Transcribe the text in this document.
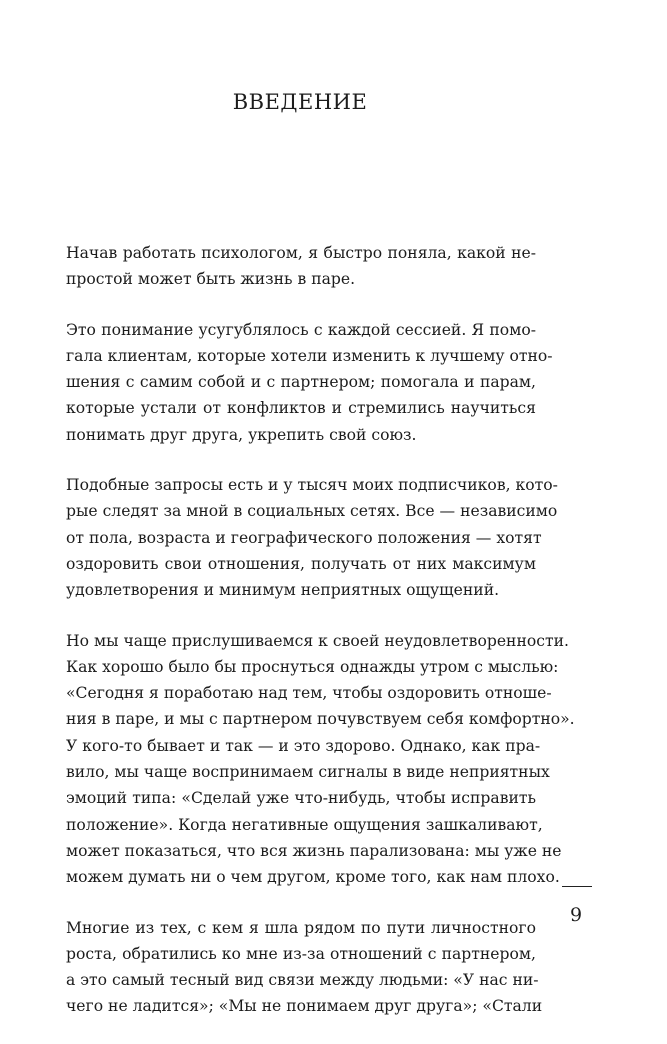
ВВЕДЕНИЕ

Начав работать психологом, я быстро поняла, какой не-
простой может быть жизнь в паре.

Это понимание усугублялось с каждой сессией. Я помо-
гала клиентам, которые хотели изменить к лучшему отно-
шения с самим собой и с партнером; помогала и парам,
которые устали от конфликтов и стремились научиться
понимать друг друга, укрепить свой союз.

Подобные запросы есть и у тысяч моих подписчиков, кото-
рые следят за мной в социальных сетях. Все — независимо
от пола, возраста и географического положения — хотят
оздоровить свои отношения, получать от них максимум
удовлетворения и минимум неприятных ощущений.

Но мы чаще прислушиваемся к своей неудовлетворенности.
Как хорошо было бы проснуться однажды утром с мыслью:
«Сегодня я поработаю над тем, чтобы оздоровить отноше-
ния в паре, и мы с партнером почувствуем себя комфортно».
У кого-то бывает и так — и это здорово. Однако, как пра-
вило, мы чаще воспринимаем сигналы в виде неприятных
эмоций типа: «Сделай уже что-нибудь, чтобы исправить
положение». Когда негативные ощущения зашкаливают,
может показаться, что вся жизнь парализована: мы уже не
можем думать ни о чем другом, кроме того, как нам плохо.

Многие из тех, с кем я шла рядом по пути личностного
роста, обратились ко мне из-за отношений с партнером,
а это самый тесный вид связи между людьми: «У нас ни-
чего не ладится»; «Мы не понимаем друг друга»; «Стали

9
